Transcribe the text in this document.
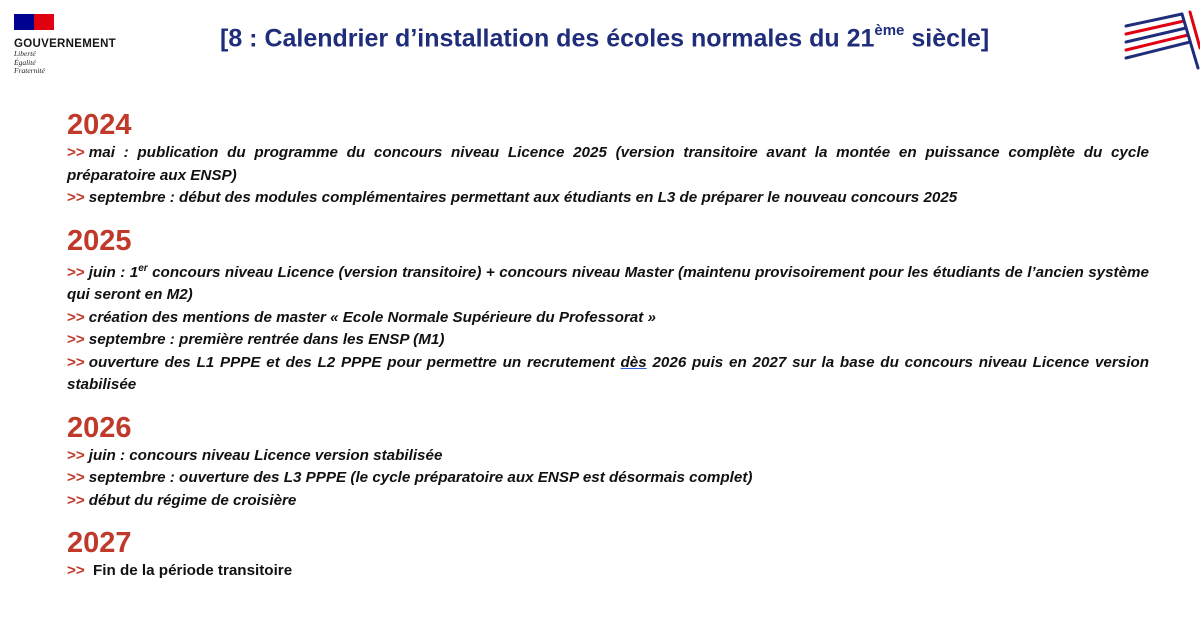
GOUVERNEMENT
Liberté
Égalité
Fraternité
[8 : Calendrier d’installation des écoles normales du 21ème siècle]
2024
>> mai : publication du programme du concours niveau Licence 2025 (version transitoire avant la montée en puissance complète du cycle préparatoire aux ENSP)
>> septembre : début des modules complémentaires permettant aux étudiants en L3 de préparer le nouveau concours 2025
2025
>> juin : 1er concours niveau Licence (version transitoire) + concours niveau Master (maintenu provisoirement pour les étudiants de l’ancien système qui seront en M2)
>> création des mentions de master « Ecole Normale Supérieure du Professorat »
>> septembre : première rentrée dans les ENSP (M1)
>> ouverture des L1 PPPE et des L2 PPPE pour permettre un recrutement dès 2026 puis en 2027 sur la base du concours niveau Licence version stabilisée
2026
>> juin : concours niveau Licence version stabilisée
>> septembre : ouverture des L3 PPPE (le cycle préparatoire aux ENSP est désormais complet)
>> début du régime de croisière
2027
>> Fin de la période transitoire
